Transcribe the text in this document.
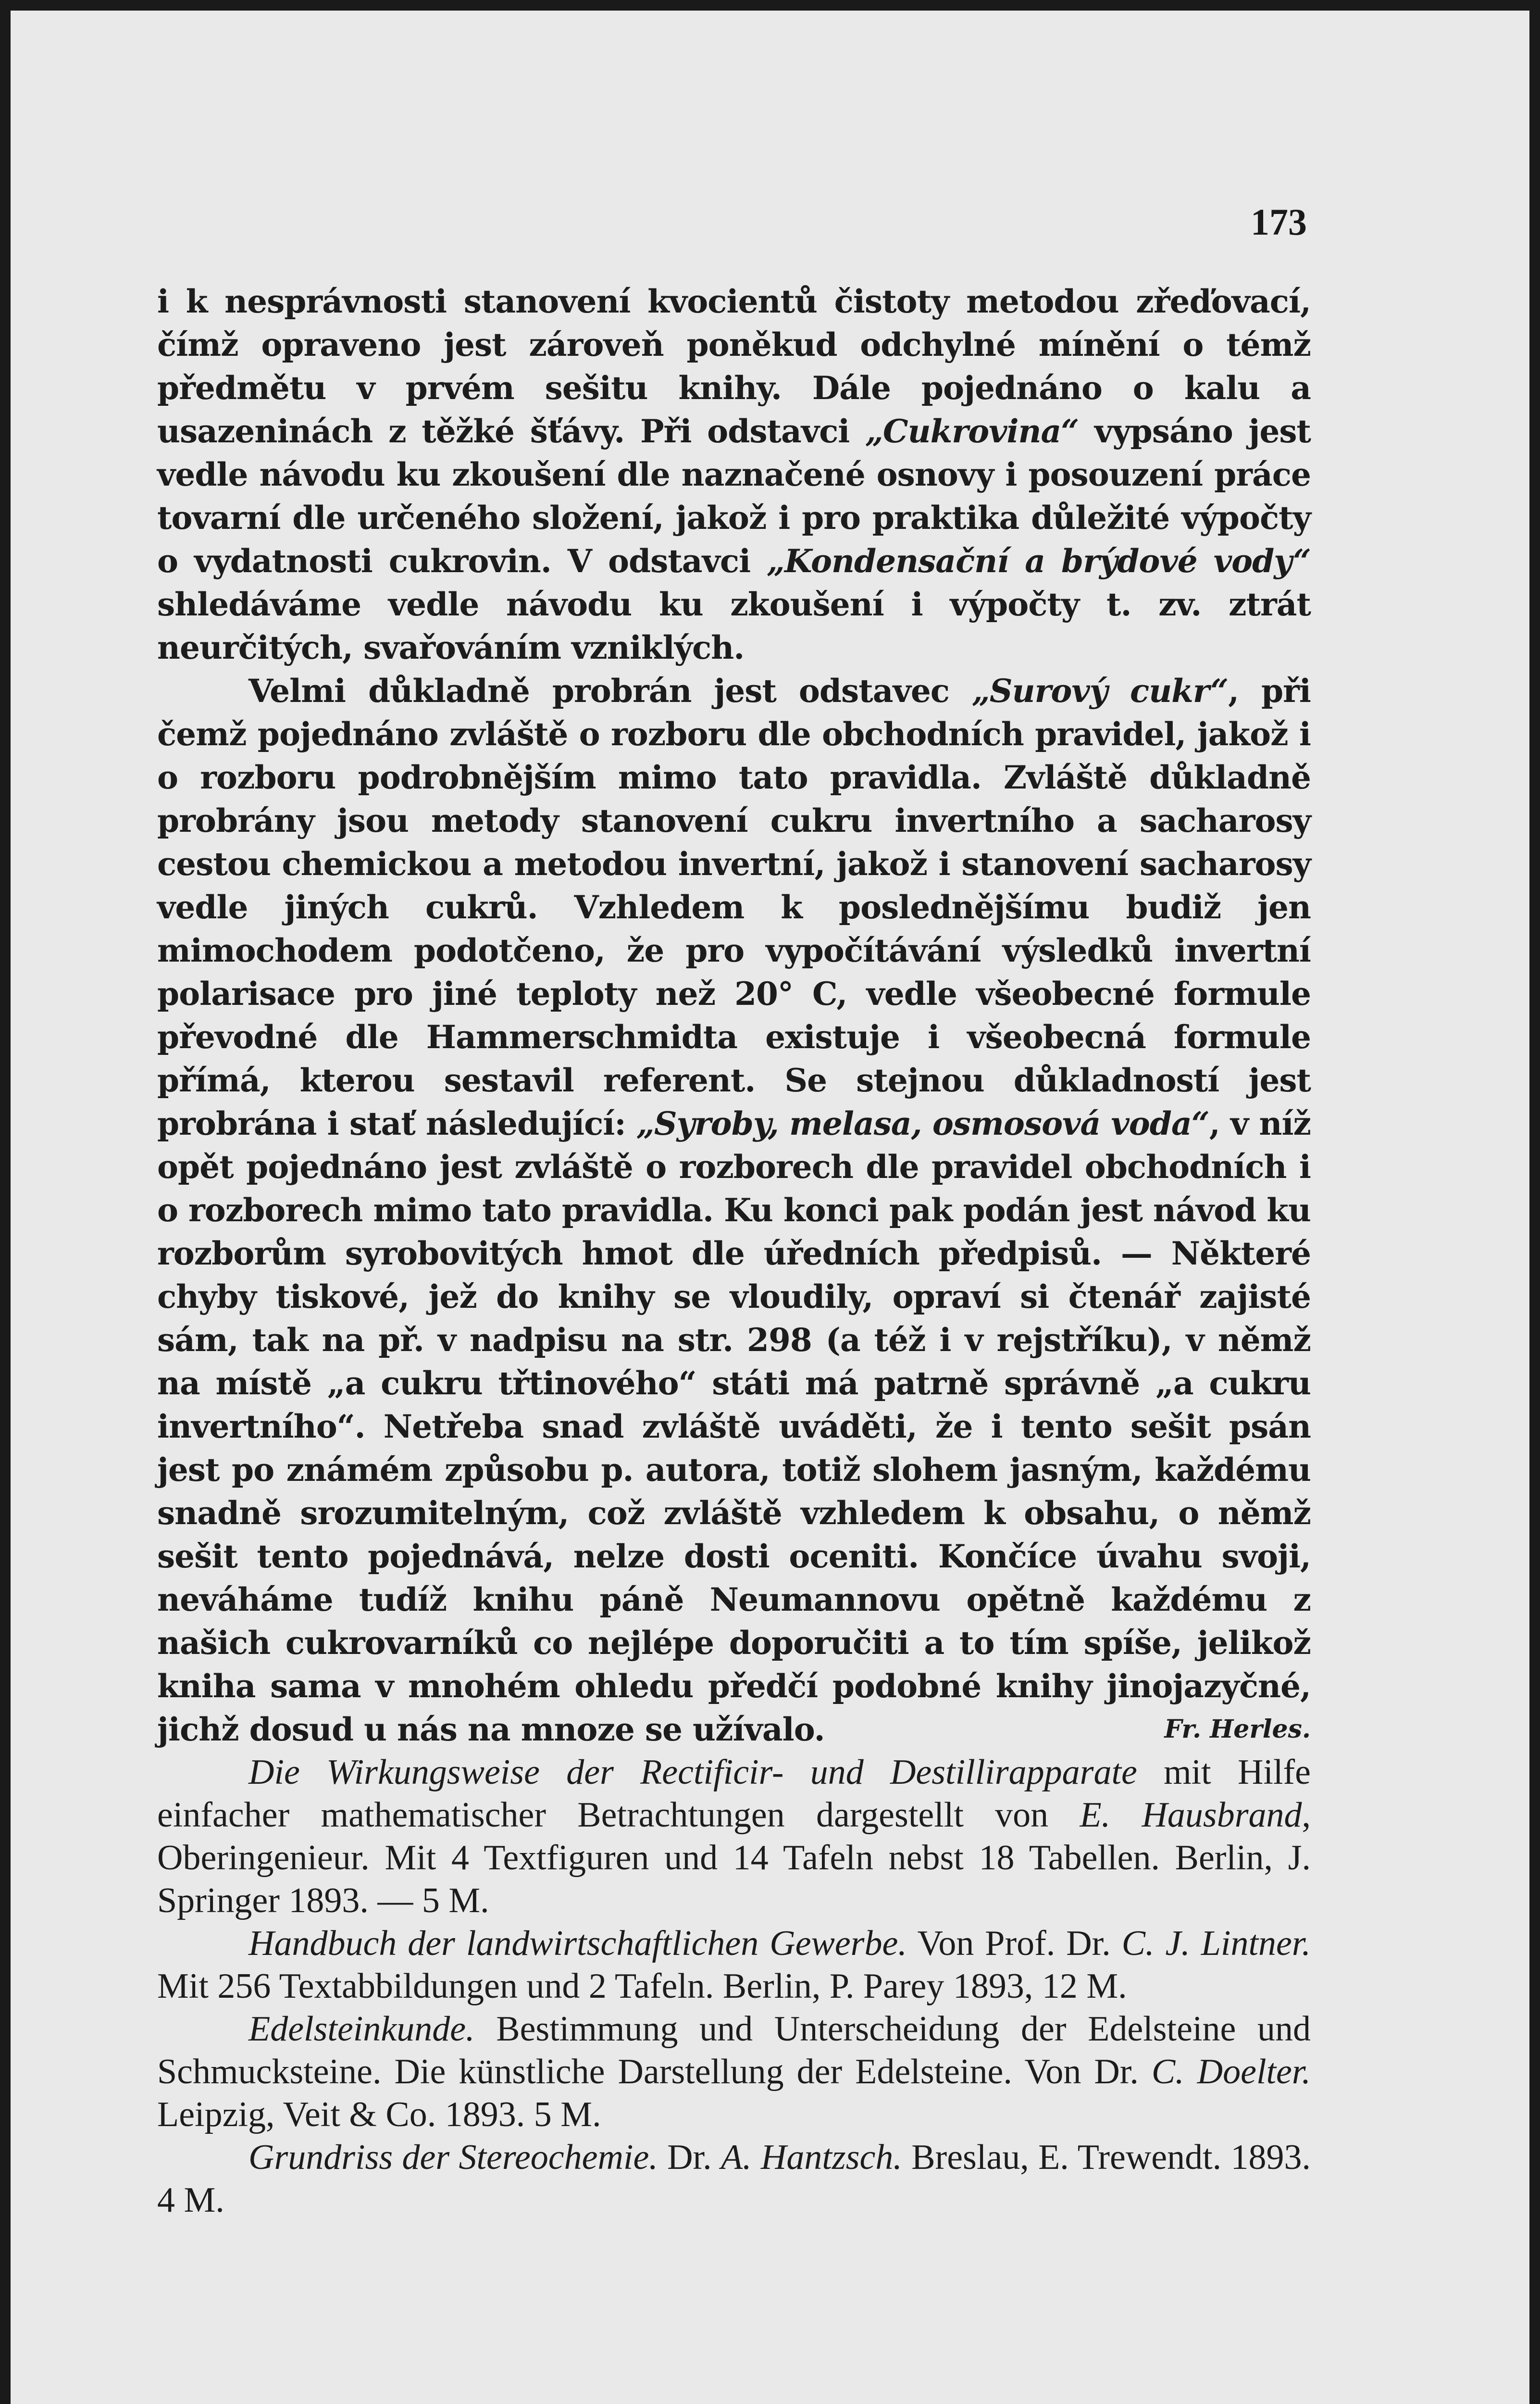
173

i k nesprávnosti stanovení kvocientů čistoty metodou zřeďovací, čímž opraveno jest zároveň poněkud odchylné mínění o témž předmětu v prvém sešitu knihy. Dále pojednáno o kalu a usazeninách z těžké šťávy. Při odstavci „Cukrovina“ vypsáno jest vedle návodu ku zkoušení dle naznačené osnovy i posouzení práce tovarní dle určeného složení, jakož i pro praktika důležité výpočty o vydatnosti cukrovin. V odstavci „Kondensační a brýdové vody“ shledáváme vedle návodu ku zkoušení i výpočty t. zv. ztrát neurčitých, svařováním vzniklých.

Velmi důkladně probrán jest odstavec „Surový cukr“, při čemž pojednáno zvláště o rozboru dle obchodních pravidel, jakož i o rozboru podrobnějším mimo tato pravidla. Zvláště důkladně probrány jsou metody stanovení cukru invertního a sacharosy cestou chemickou a metodou invertní, jakož i stanovení sacharosy vedle jiných cukrů. Vzhledem k poslednějšímu budiž jen mimochodem podotčeno, že pro vypočítávání výsledků invertní polarisace pro jiné teploty než 20° C, vedle všeobecné formule převodné dle Hammerschmidta existuje i všeobecná formule přímá, kterou sestavil referent. Se stejnou důkladností jest probrána i stať následující: „Syroby, melasa, osmosová voda“, v níž opět pojednáno jest zvláště o rozborech dle pravidel obchodních i o rozborech mimo tato pravidla. Ku konci pak podán jest návod ku rozborům syrobovitých hmot dle úředních předpisů. — Některé chyby tiskové, jež do knihy se vloudily, opraví si čtenář zajisté sám, tak na př. v nadpisu na str. 298 (a též i v rejstříku), v němž na místě „a cukru třtinového“ státi má patrně správně „a cukru invertního“. Netřeba snad zvláště uváděti, že i tento sešit psán jest po známém způsobu p. autora, totiž slohem jasným, každému snadně srozumitelným, což zvláště vzhledem k obsahu, o němž sešit tento pojednává, nelze dosti oceniti. Končíce úvahu svoji, neváháme tudíž knihu páně Neumannovu opětně každému z našich cukrovarníků co nejlépe doporučiti a to tím spíše, jelikož kniha sama v mnohém ohledu předčí podobné knihy jinojazyčné, jichž dosud u nás na mnoze se užívalo.	Fr. Herles.

Die Wirkungsweise der Rectificir- und Destillirapparate mit Hilfe einfacher mathematischer Betrachtungen dargestellt von E. Hausbrand, Oberingenieur. Mit 4 Textfiguren und 14 Tafeln nebst 18 Tabellen. Berlin, J. Springer 1893. — 5 M.

Handbuch der landwirtschaftlichen Gewerbe. Von Prof. Dr. C. J. Lintner. Mit 256 Textabbildungen und 2 Tafeln. Berlin, P. Parey 1893, 12 M.

Edelsteinkunde. Bestimmung und Unterscheidung der Edelsteine und Schmucksteine. Die künstliche Darstellung der Edelsteine. Von Dr. C. Doelter. Leipzig, Veit & Co. 1893. 5 M.

Grundriss der Stereochemie. Dr. A. Hantzsch. Breslau, E. Trewendt. 1893. 4 M.
